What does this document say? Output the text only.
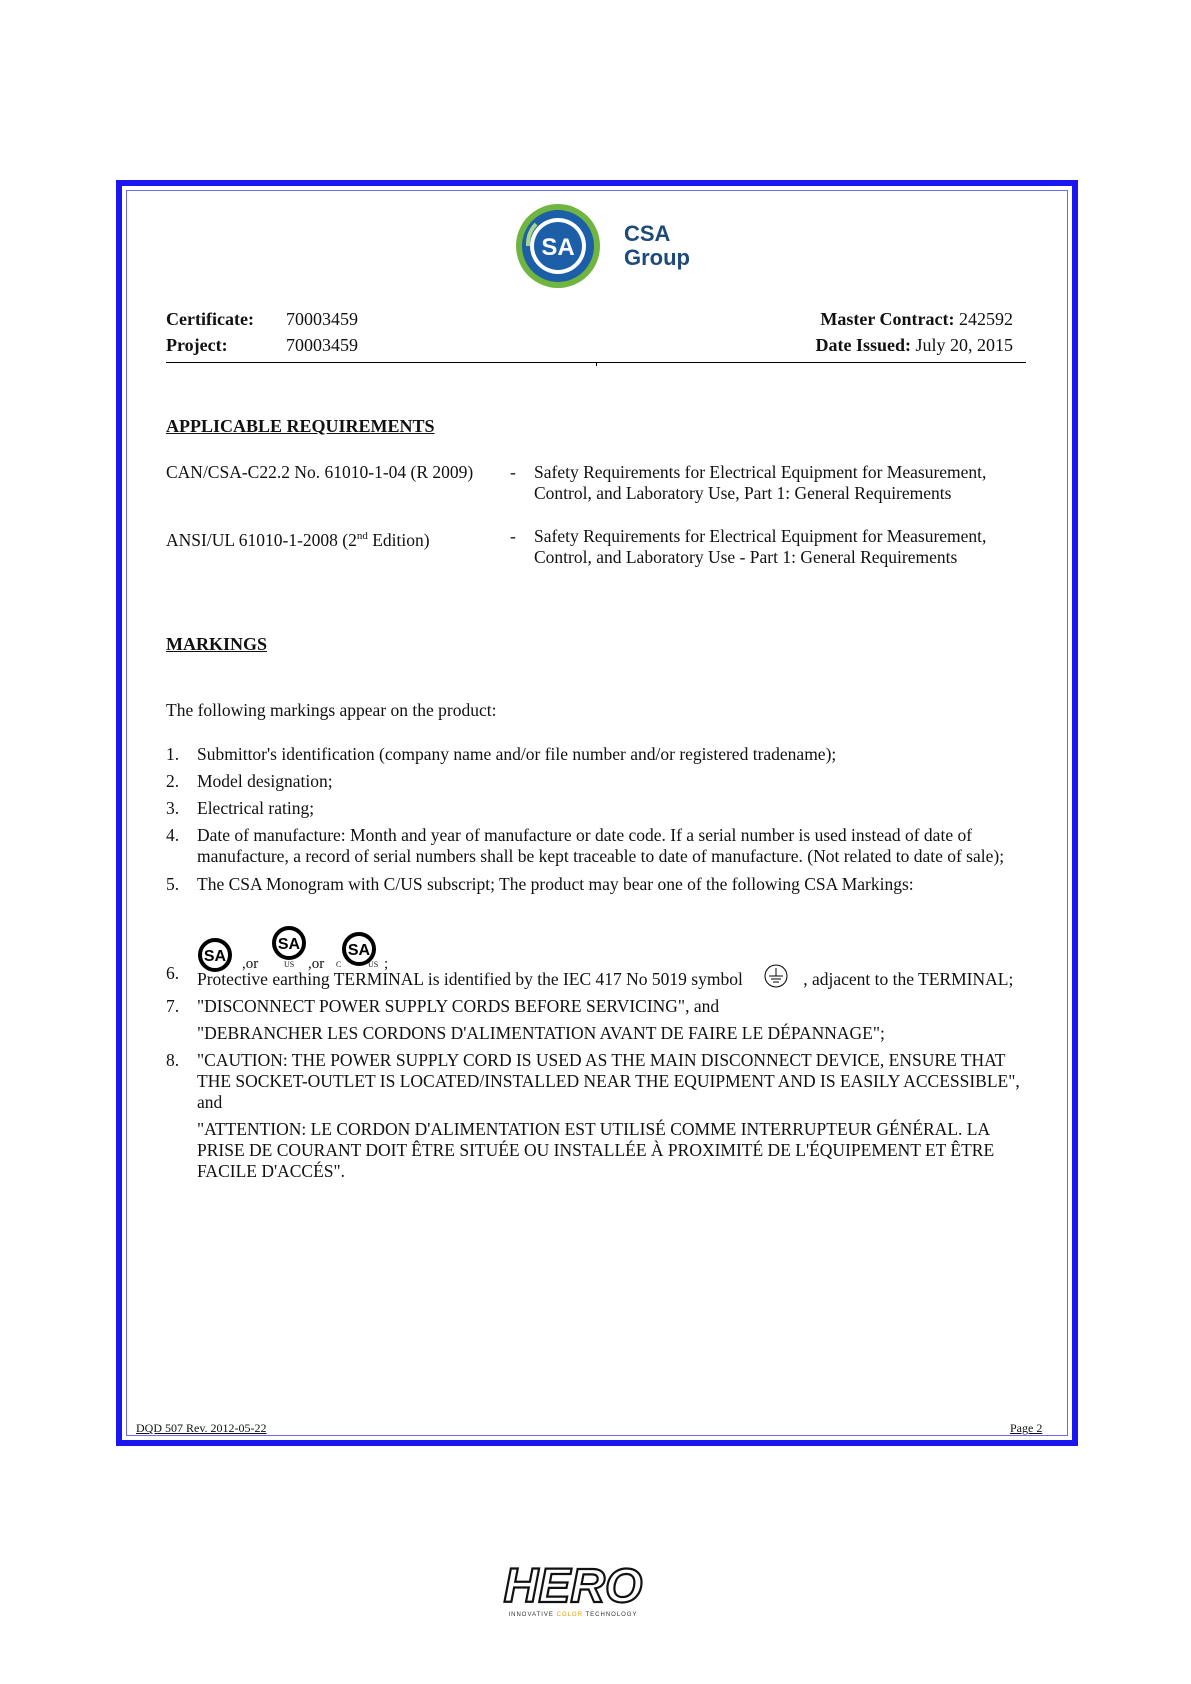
SA
CSA
Group
Certificate: 70003459
Project:	70003459
Master Contract: 242592
Date Issued: July 20, 2015
APPLICABLE REQUIREMENTS
CAN/CSA-C22.2 No. 61010-1-04 (R 2009) - Safety Requirements for Electrical Equipment for Measurement, Control, and Laboratory Use, Part 1: General Requirements
ANSI/UL 61010-1-2008 (2nd Edition)	- Safety Requirements for Electrical Equipment for Measurement, Control, and Laboratory Use - Part 1: General Requirements
MARKINGS
The following markings appear on the product:
1. Submittor's identification (company name and/or file number and/or registered tradename);
2. Model designation;
3. Electrical rating;
4. Date of manufacture: Month and year of manufacture or date code. If a serial number is used instead of date of manufacture, a record of serial numbers shall be kept traceable to date of manufacture. (Not related to date of sale);
5. The CSA Monogram with C/US subscript; The product may bear one of the following CSA Markings:
6. Protective earthing TERMINAL is identified by the IEC 417 No 5019 symbol	, adjacent to the TERMINAL;
7. "DISCONNECT POWER SUPPLY CORDS BEFORE SERVICING", and
"DEBRANCHER LES CORDONS D'ALIMENTATION AVANT DE FAIRE LE DÉPANNAGE";
8. "CAUTION: THE POWER SUPPLY CORD IS USED AS THE MAIN DISCONNECT DEVICE, ENSURE THAT THE SOCKET-OUTLET IS LOCATED/INSTALLED NEAR THE EQUIPMENT AND IS EASILY ACCESSIBLE", and
"ATTENTION: LE CORDON D'ALIMENTATION EST UTILISÉ COMME INTERRUPTEUR GÉNÉRAL. LA PRISE DE COURANT DOIT ÊTRE SITUÉE OU INSTALLÉE À PROXIMITÉ DE L'ÉQUIPEMENT ET ÊTRE FACILE D'ACCÉS".
SA ,or
SA
US ,or C
SA
US ;
DQD 507 Rev. 2012-05-22	Page 2
HERO
INNOVATIVE COLOR TECHNOLOGY
